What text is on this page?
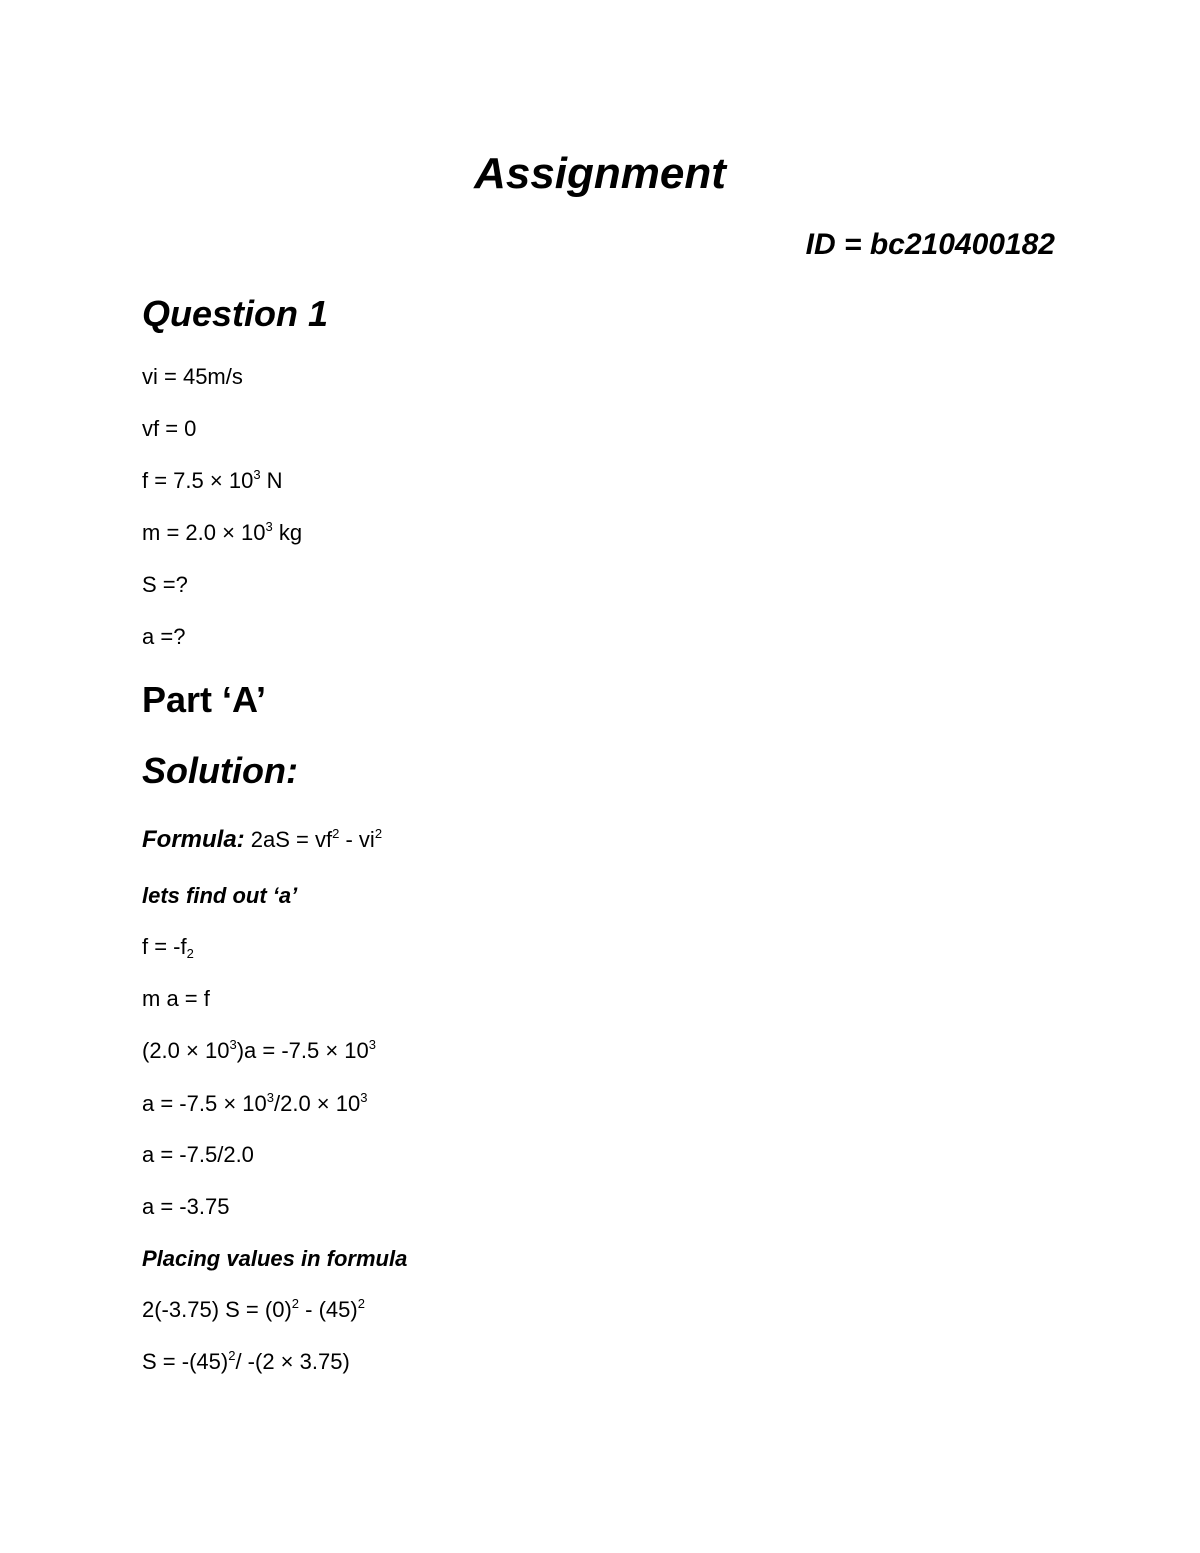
Assignment
ID = bc210400182
Question 1
vi = 45m/s
vf = 0
$f = 7.5 \times 10^3$ N
$m = 2.0 \times 10^3$ kg
S =?
a =?
Part ‘A’
Solution:
Formula: $2aS = vf^2 - vi^2$
lets find out ‘a’
$f = -f_2$
m a = f
$(2.0 \times 10^3)a = -7.5 \times 10^3$
$a = -7.5 \times 10^3/2.0 \times 10^3$
a = -7.5/2.0
a = -3.75
Placing values in formula
2(-3.75) $S = (0)^2 - (45)^2$
$S = -(45)^2/$ -(2 × 3.75)
